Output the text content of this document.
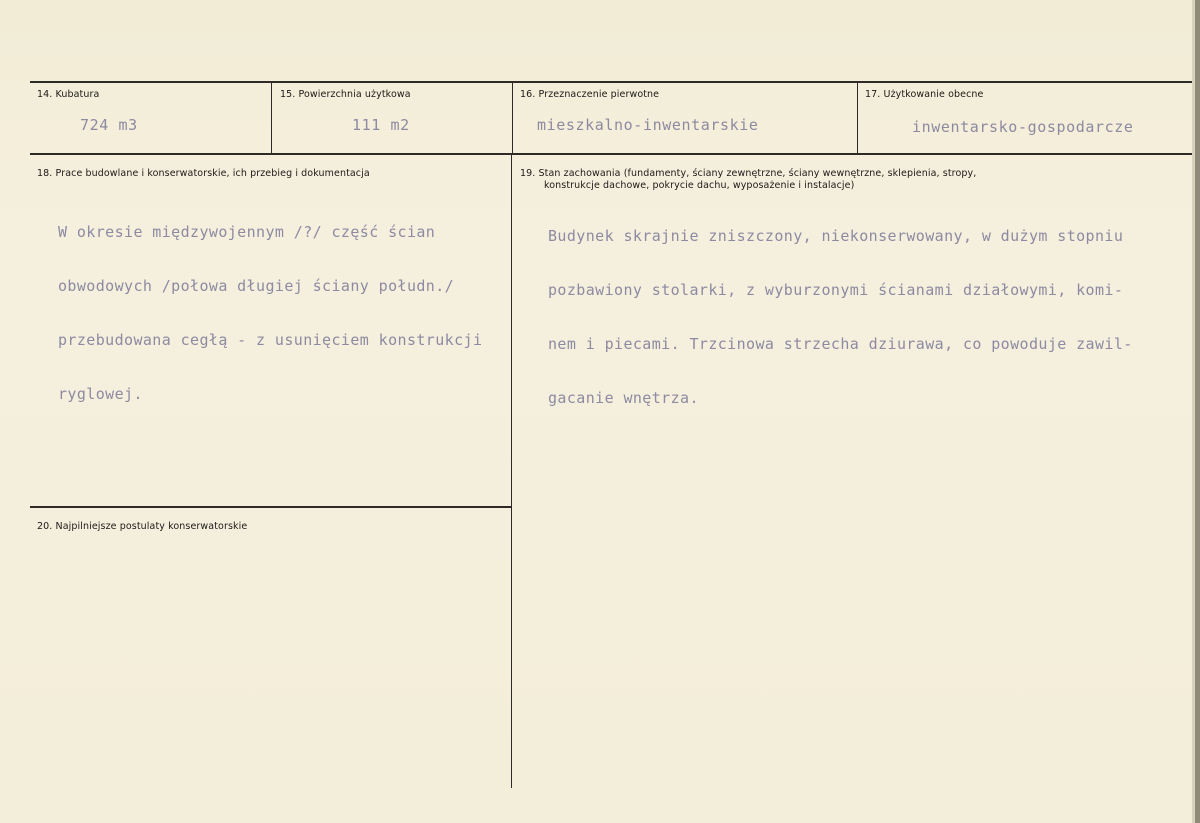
14. Kubatura
724 m3
15. Powierzchnia użytkowa
111 m2
16. Przeznaczenie pierwotne
mieszkalno-inwentarskie
17. Użytkowanie obecne
inwentarsko-gospodarcze
18. Prace budowlane i konserwatorskie, ich przebieg i dokumentacja

W okresie międzywojennym /?/ część ścian

obwodowych /połowa długiej ściany połudn./

przebudowana cegłą - z usunięciem konstrukcji

ryglowej.

19. Stan zachowania (fundamenty, ściany zewnętrzne, ściany wewnętrzne, sklepienia, stropy,
konstrukcje dachowe, pokrycie dachu, wyposażenie i instalacje)

Budynek skrajnie zniszczony, niekonserwowany, w dużym stopniu

pozbawiony stolarki, z wyburzonymi ścianami działowymi, komi-

nem i piecami. Trzcinowa strzecha dziurawa, co powoduje zawil-

gacanie wnętrza.

20. Najpilniejsze postulaty konserwatorskie
